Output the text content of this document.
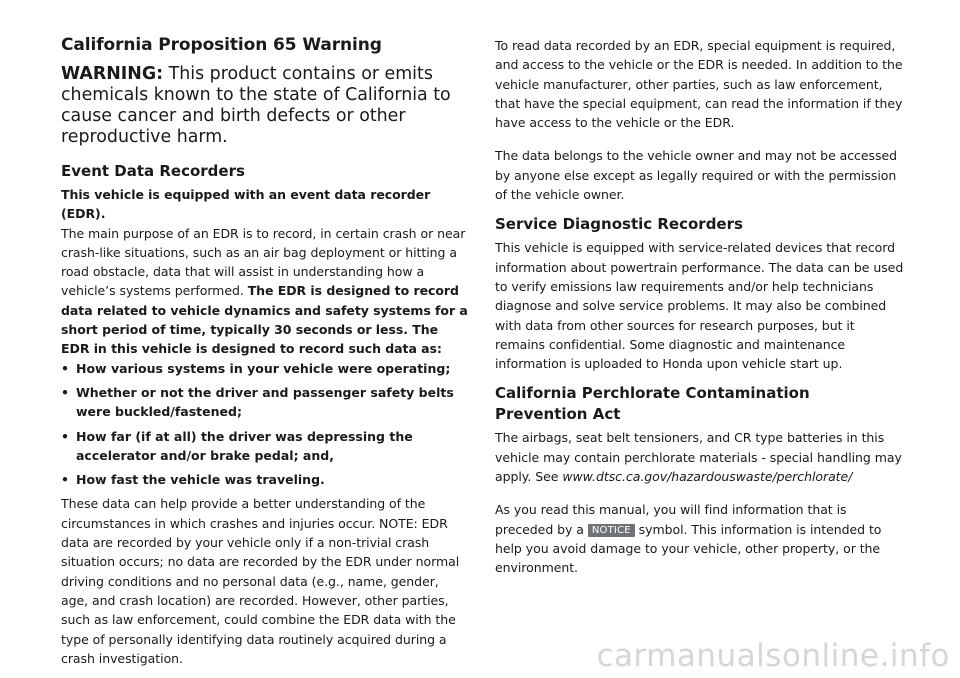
California Proposition 65 Warning
WARNING: This product contains or emits chemicals known to the state of California to cause cancer and birth defects or other reproductive harm.
Event Data Recorders

This vehicle is equipped with an event data recorder (EDR).

The main purpose of an EDR is to record, in certain crash or near crash-like situations, such as an air bag deployment or hitting a road obstacle, data that will assist in understanding how a vehicle’s systems performed. The EDR is designed to record data related to vehicle dynamics and safety systems for a short period of time, typically 30 seconds or less. The EDR in this vehicle is designed to record such data as:

• How various systems in your vehicle were operating;
• Whether or not the driver and passenger safety belts were buckled/fastened;
• How far (if at all) the driver was depressing the accelerator and/or brake pedal; and,
• How fast the vehicle was traveling.

These data can help provide a better understanding of the circumstances in which crashes and injuries occur. NOTE: EDR data are recorded by your vehicle only if a non-trivial crash situation occurs; no data are recorded by the EDR under normal driving conditions and no personal data (e.g., name, gender, age, and crash location) are recorded. However, other parties, such as law enforcement, could combine the EDR data with the type of personally identifying data routinely acquired during a crash investigation.

To read data recorded by an EDR, special equipment is required, and access to the vehicle or the EDR is needed. In addition to the vehicle manufacturer, other parties, such as law enforcement, that have the special equipment, can read the information if they have access to the vehicle or the EDR.

The data belongs to the vehicle owner and may not be accessed by anyone else except as legally required or with the permission of the vehicle owner.

Service Diagnostic Recorders

This vehicle is equipped with service-related devices that record information about powertrain performance. The data can be used to verify emissions law requirements and/or help technicians diagnose and solve service problems. It may also be combined with data from other sources for research purposes, but it remains confidential. Some diagnostic and maintenance information is uploaded to Honda upon vehicle start up.

California Perchlorate Contamination Prevention Act

The airbags, seat belt tensioners, and CR type batteries in this vehicle may contain perchlorate materials - special handling may apply. See www.dtsc.ca.gov/hazardouswaste/perchlorate/

As you read this manual, you will find information that is preceded by a NOTICE symbol. This information is intended to help you avoid damage to your vehicle, other property, or the environment.

carmanualsonline.info
